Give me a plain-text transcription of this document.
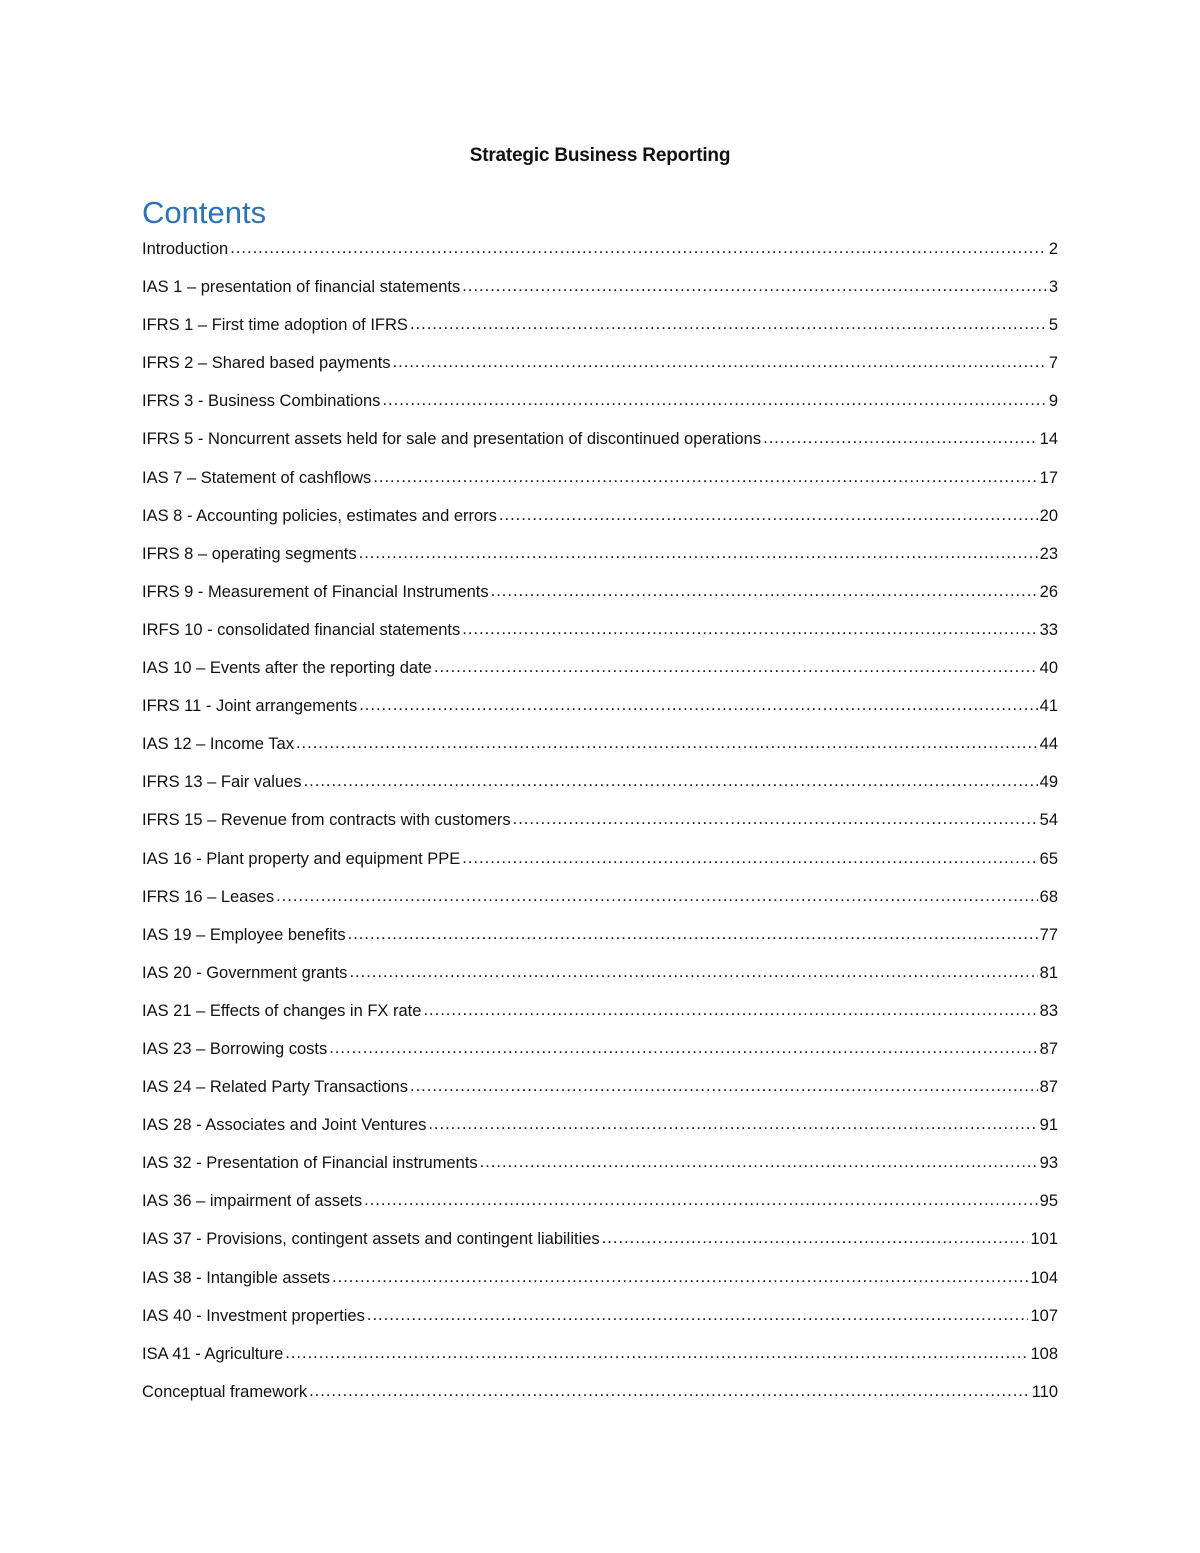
Strategic Business Reporting
Contents
Introduction .....	2
IAS 1 – presentation of financial statements .....	3
IFRS 1 – First time adoption of IFRS .....	5
IFRS 2 – Shared based payments .....	7
IFRS 3 - Business Combinations .....	9
IFRS 5 - Noncurrent assets held for sale and presentation of discontinued operations .....	14
IAS 7 – Statement of cashflows .....	17
IAS 8 - Accounting policies, estimates and errors .....	20
IFRS 8 – operating segments .....	23
IFRS 9 - Measurement of Financial Instruments .....	26
IRFS 10 - consolidated financial statements .....	33
IAS 10 – Events after the reporting date .....	40
IFRS 11 - Joint arrangements .....	41
IAS 12 – Income Tax .....	44
IFRS 13 – Fair values .....	49
IFRS 15 – Revenue from contracts with customers .....	54
IAS 16 - Plant property and equipment PPE .....	65
IFRS 16 – Leases .....	68
IAS 19 – Employee benefits .....	77
IAS 20 - Government grants .....	81
IAS 21 – Effects of changes in FX rate .....	83
IAS 23 – Borrowing costs .....	87
IAS 24 – Related Party Transactions .....	87
IAS 28 - Associates and Joint Ventures .....	91
IAS 32 - Presentation of Financial instruments .....	93
IAS 36 – impairment of assets .....	95
IAS 37 - Provisions, contingent assets and contingent liabilities .....	101
IAS 38 - Intangible assets .....	104
IAS 40 - Investment properties .....	107
ISA 41 - Agriculture .....	108
Conceptual framework .....	110
